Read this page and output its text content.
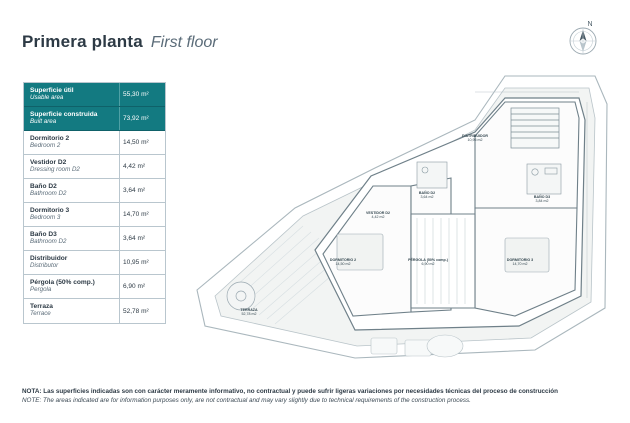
Primera planta First floor
N
Superficie útil
Usable area	55,30 m²
Superficie construida
Built area	73,92 m²
Dormitorio 2
Bedroom 2	14,50 m²
Vestidor D2
Dressing room D2	4,42 m²
Baño D2
Bathroom D2	3,64 m²
Dormitorio 3
Bedroom 3	14,70 m²
Baño D3
Bathroom D2	3,64 m²
Distribuidor
Distributor	10,95 m²
Pérgola (50% comp.)
Pergola	6,90 m²
Terraza
Terrace	52,78 m²	TERRAZA
52,78 m2
DORMITORIO 2
14,50 m2
VESTIDOR D2
4,42 m2
BAÑO D2
3,64 m2
DISTRIBUIDOR
10,95 m2
PÉRGOLA (50% comp.)
6,90 m2
DORMITORIO 3
14,70 m2
BAÑO D3
3,84 m2
NOTA: Las superficies indicadas son con carácter meramente informativo, no contractual y puede sufrir ligeras variaciones por necesidades técnicas del proceso de construcción
NOTE: The areas indicated are for information purposes only, are not contractual and may vary slightly due to technical requirements of the construction process.
